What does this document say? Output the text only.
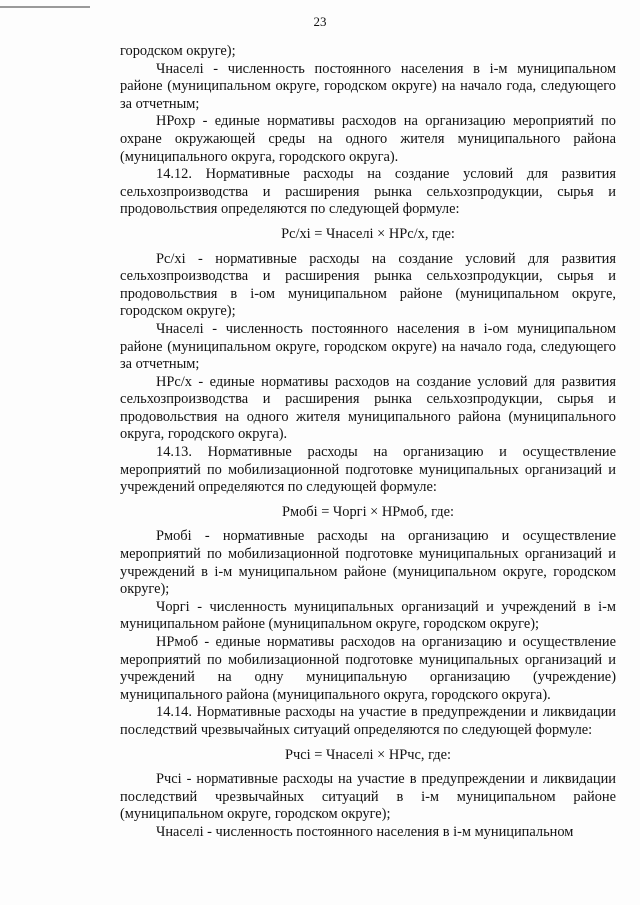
23

городском округе);

Чнаселi - численность постоянного населения в i-м муниципальном районе (муниципальном округе, городском округе) на начало года, следующего за отчетным;

НРохр - единые нормативы расходов на организацию мероприятий по охране окружающей среды на одного жителя муниципального района (муниципального округа, городского округа).

14.12. Нормативные расходы на создание условий для развития сельхозпроизводства и расширения рынка сельхозпродукции, сырья и продовольствия определяются по следующей формуле:

Рс/хi = Чнаселi × НРс/х, где:

Рс/хi - нормативные расходы на создание условий для развития сельхозпроизводства и расширения рынка сельхозпродукции, сырья и продовольствия в i-ом муниципальном районе (муниципальном округе, городском округе);

Чнаселi - численность постоянного населения в i-ом муниципальном районе (муниципальном округе, городском округе) на начало года, следующего за отчетным;

НРс/х - единые нормативы расходов на создание условий для развития сельхозпроизводства и расширения рынка сельхозпродукции, сырья и продовольствия на одного жителя муниципального района (муниципального округа, городского округа).

14.13. Нормативные расходы на организацию и осуществление мероприятий по мобилизационной подготовке муниципальных организаций и учреждений определяются по следующей формуле:

Рмобi = Чоргi × НРмоб, где:

Рмобi - нормативные расходы на организацию и осуществление мероприятий по мобилизационной подготовке муниципальных организаций и учреждений в i-м муниципальном районе (муниципальном округе, городском округе);

Чоргi - численность муниципальных организаций и учреждений в i-м муниципальном районе (муниципальном округе, городском округе);

НРмоб - единые нормативы расходов на организацию и осуществление мероприятий по мобилизационной подготовке муниципальных организаций и учреждений на одну муниципальную организацию (учреждение) муниципального района (муниципального округа, городского округа).

14.14. Нормативные расходы на участие в предупреждении и ликвидации последствий чрезвычайных ситуаций определяются по следующей формуле:

Рчсi = Чнаселi × НРчс, где:

Рчсi - нормативные расходы на участие в предупреждении и ликвидации последствий чрезвычайных ситуаций в i-м муниципальном районе (муниципальном округе, городском округе);

Чнаселi - численность постоянного населения в i-м муниципальном
